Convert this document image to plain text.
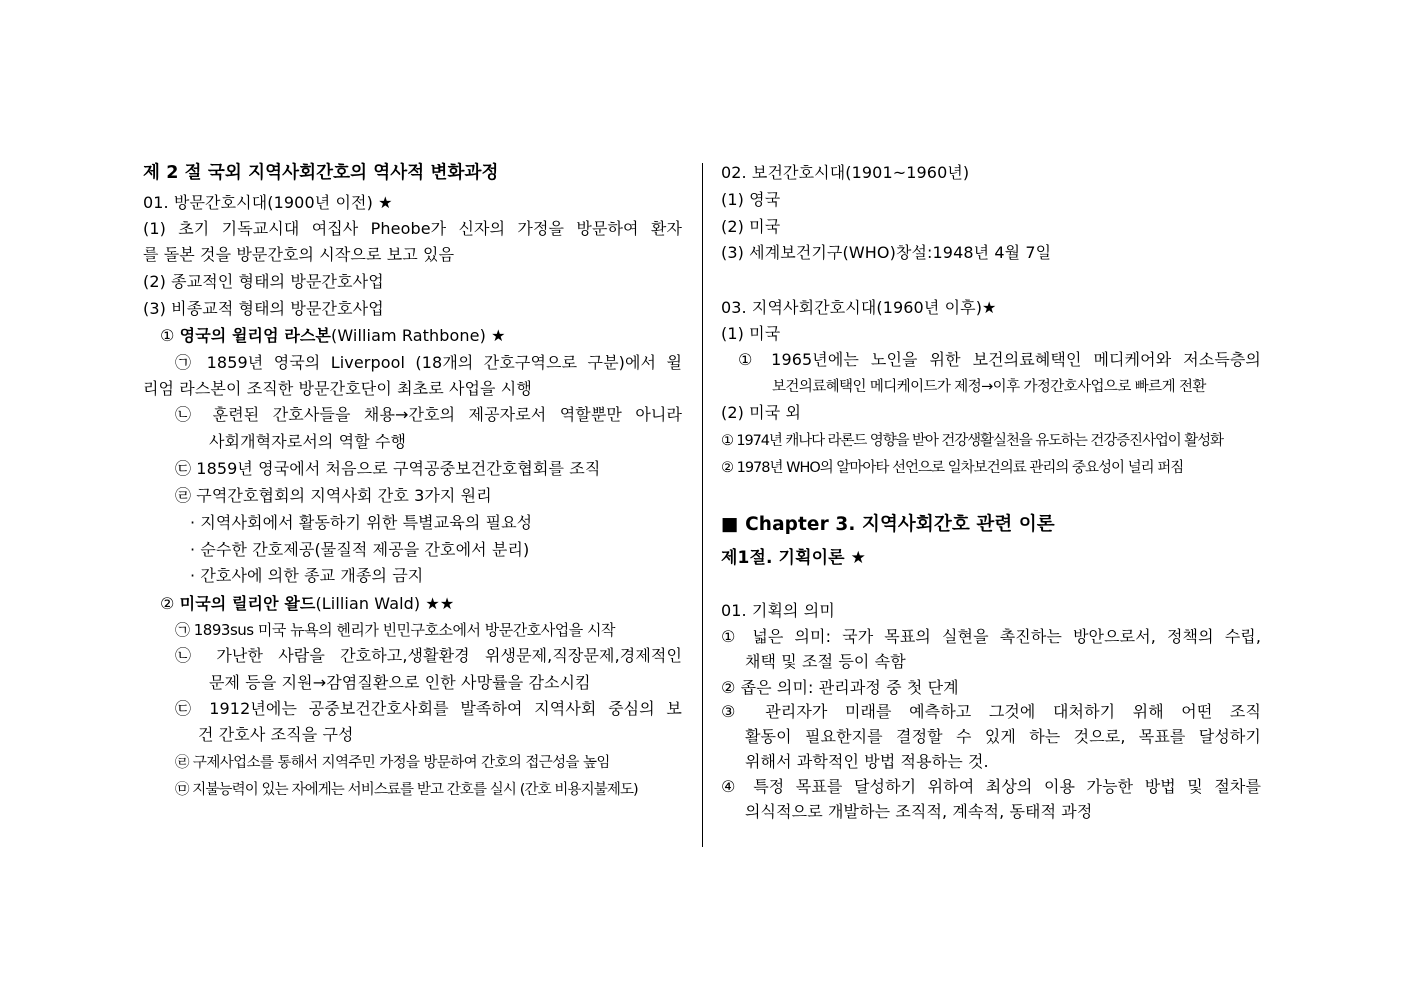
제 2 절 국외 지역사회간호의 역사적 변화과정
01. 방문간호시대(1900년 이전) ★
(1) 초기 기독교시대 여집사 Pheobe가 신자의 가정을 방문하여 환자
를 돌본 것을 방문간호의 시작으로 보고 있음
(2) 종교적인 형태의 방문간호사업
(3) 비종교적 형태의 방문간호사업
① 영국의 윌리엄 라스본(William Rathbone) ★
㉠ 1859년 영국의 Liverpool (18개의 간호구역으로 구분)에서 윌
리엄 라스본이 조직한 방문간호단이 최초로 사업을 시행
㉡ 훈련된 간호사들을 채용→간호의 제공자로서 역할뿐만 아니라
사회개혁자로서의 역할 수행
㉢ 1859년 영국에서 처음으로 구역공중보건간호협회를 조직
㉣ 구역간호협회의 지역사회 간호 3가지 원리
· 지역사회에서 활동하기 위한 특별교육의 필요성
· 순수한 간호제공(물질적 제공을 간호에서 분리)
· 간호사에 의한 종교 개종의 금지
② 미국의 릴리안 왈드(Lillian Wald) ★★
㉠ 1893sus 미국 뉴욕의 헨리가 빈민구호소에서 방문간호사업을 시작
㉡ 가난한 사람을 간호하고,생활환경 위생문제,직장문제,경제적인
문제 등을 지원→감염질환으로 인한 사망률을 감소시킴
㉢ 1912년에는 공중보건간호사회를 발족하여 지역사회 중심의 보
건 간호사 조직을 구성
㉣ 구제사업소를 통해서 지역주민 가정을 방문하여 간호의 접근성을 높임
㉤ 지불능력이 있는 자에게는 서비스료를 받고 간호를 실시 (간호 비용지불제도)
02. 보건간호시대(1901~1960년)
(1) 영국
(2) 미국
(3) 세계보건기구(WHO)창설:1948년 4월 7일
03. 지역사회간호시대(1960년 이후)★
(1) 미국
① 1965년에는 노인을 위한 보건의료혜택인 메디케어와 저소득층의
보건의료혜택인 메디케이드가 제정→이후 가정간호사업으로 빠르게 전환
(2) 미국 외
① 1974년 캐나다 라론드 영향을 받아 건강생활실천을 유도하는 건강증진사업이 활성화
② 1978년 WHO의 알마아타 선언으로 일차보건의료 관리의 중요성이 널리 퍼짐
■ Chapter 3. 지역사회간호 관련 이론
제1절. 기획이론 ★
01. 기획의 의미
① 넓은 의미: 국가 목표의 실현을 촉진하는 방안으로서, 정책의 수립,
채택 및 조절 등이 속함
② 좁은 의미: 관리과정 중 첫 단계
③ 관리자가 미래를 예측하고 그것에 대처하기 위해 어떤 조직
활동이 필요한지를 결정할 수 있게 하는 것으로, 목표를 달성하기
위해서 과학적인 방법 적용하는 것.
④ 특정 목표를 달성하기 위하여 최상의 이용 가능한 방법 및 절차를
의식적으로 개발하는 조직적, 계속적, 동태적 과정
